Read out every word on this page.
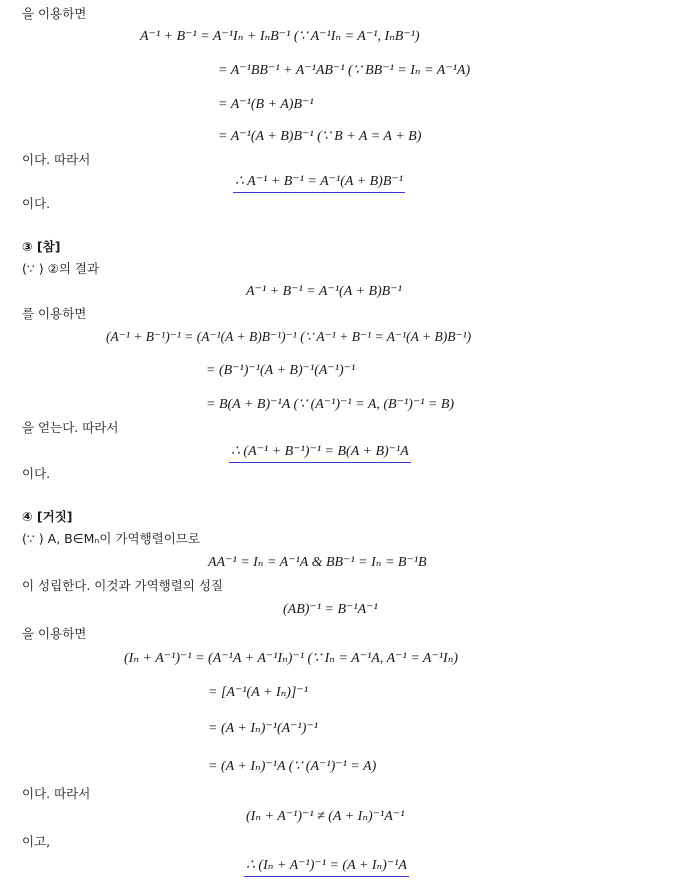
을 이용하면
A⁻¹ + B⁻¹ = A⁻¹Iₙ + IₙB⁻¹ (∵ A⁻¹Iₙ = A⁻¹, IₙB⁻¹)
= A⁻¹BB⁻¹ + A⁻¹AB⁻¹ (∵ BB⁻¹ = Iₙ = A⁻¹A)
= A⁻¹(B + A)B⁻¹
= A⁻¹(A + B)B⁻¹ (∵ B + A = A + B)
이다. 따라서
∴ A⁻¹ + B⁻¹ = A⁻¹(A + B)B⁻¹
이다.
③ [참]
(∵ ) ②의 결과
A⁻¹ + B⁻¹ = A⁻¹(A + B)B⁻¹
를 이용하면
(A⁻¹ + B⁻¹)⁻¹ = (A⁻¹(A + B)B⁻¹)⁻¹ (∵ A⁻¹ + B⁻¹ = A⁻¹(A + B)B⁻¹)
= (B⁻¹)⁻¹(A + B)⁻¹(A⁻¹)⁻¹
= B(A + B)⁻¹A (∵ (A⁻¹)⁻¹ = A, (B⁻¹)⁻¹ = B)
을 얻는다. 따라서
∴ (A⁻¹ + B⁻¹)⁻¹ = B(A + B)⁻¹A
이다.
④ [거짓]
(∵ ) A, B∈Mₙ이 가역행렬이므로
AA⁻¹ = Iₙ = A⁻¹A & BB⁻¹ = Iₙ = B⁻¹B
이 성립한다. 이것과 가역행렬의 성질
(AB)⁻¹ = B⁻¹A⁻¹
을 이용하면
(Iₙ + A⁻¹)⁻¹ = (A⁻¹A + A⁻¹Iₙ)⁻¹ (∵ Iₙ = A⁻¹A, A⁻¹ = A⁻¹Iₙ)
= [A⁻¹(A + Iₙ)]⁻¹
= (A + Iₙ)⁻¹(A⁻¹)⁻¹
= (A + Iₙ)⁻¹A (∵ (A⁻¹)⁻¹ = A)
이다. 따라서
(Iₙ + A⁻¹)⁻¹ ≠ (A + Iₙ)⁻¹A⁻¹
이고,
∴ (Iₙ + A⁻¹)⁻¹ = (A + Iₙ)⁻¹A
